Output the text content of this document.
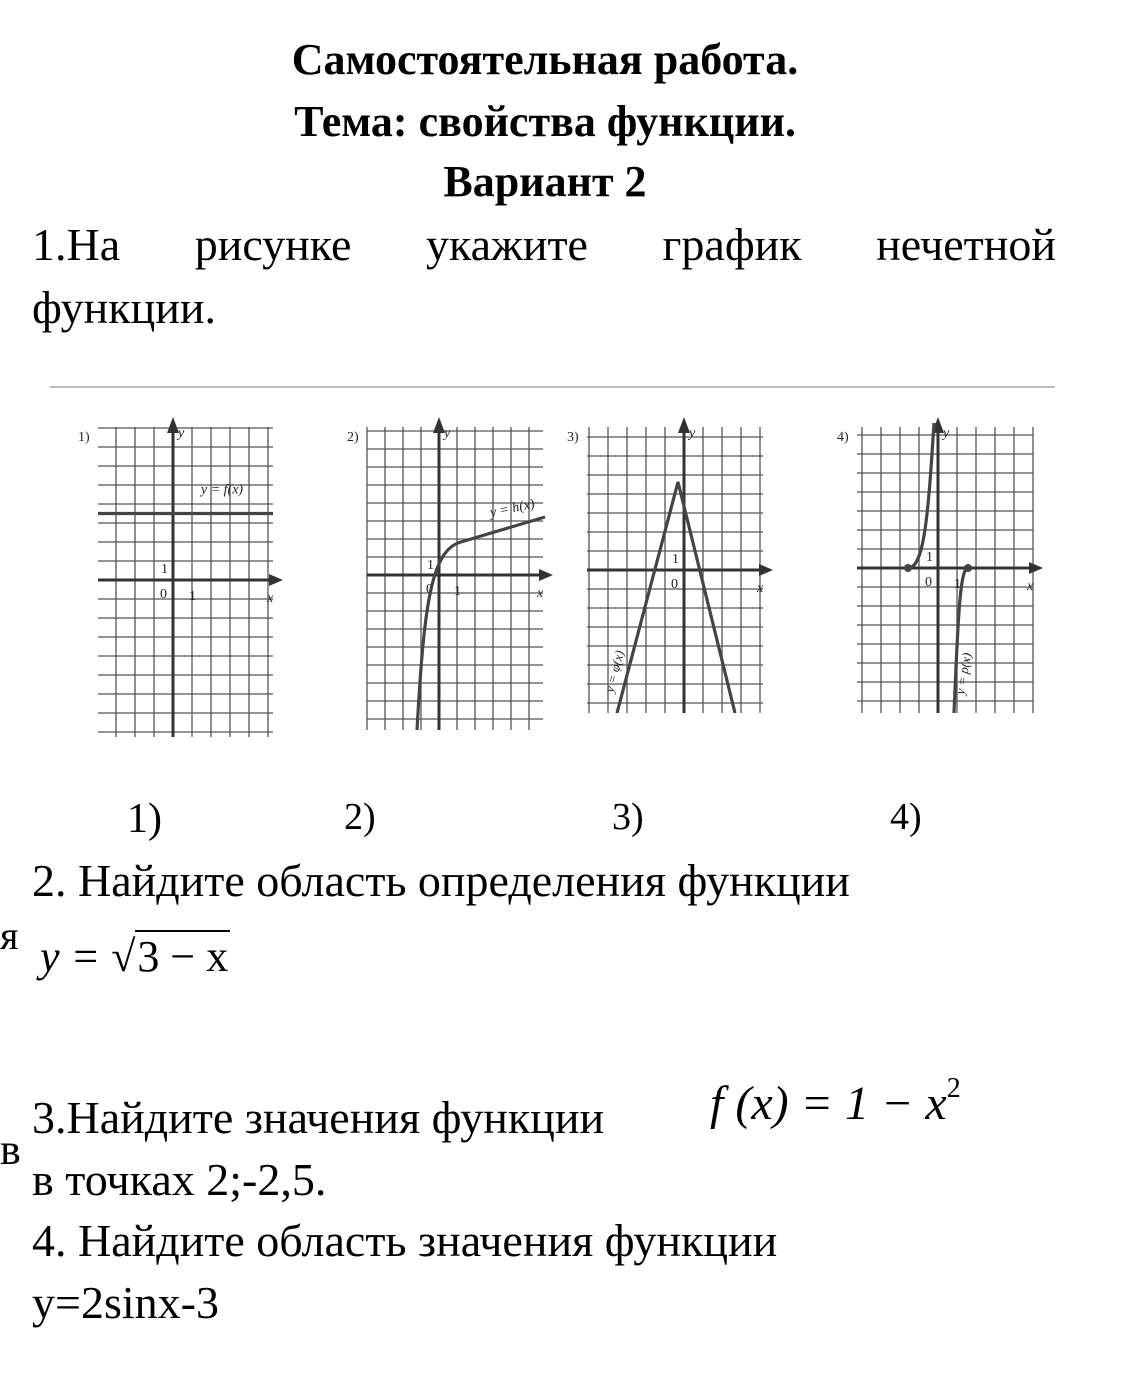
Самостоятельная работа.
Тема: свойства функции.
Вариант 2
1.На рисунке укажите график нечетной
функции.
1)	y
x
0 1
1
y = f(x)
2)	y
x
0 1
1
y = h(x)
3)	y
x
0 1
1
y = φ(x)
4)	y
x
0 1
1
y = p(x)
1)	2)	3)	4)
2. Найдите область определения функции
я y = √3 − x
f $(x) = 1 - x^2$
в
3.Найдите значения функции
в точках 2;-2,5.
4. Найдите область значения функции
y=2sinx-3
